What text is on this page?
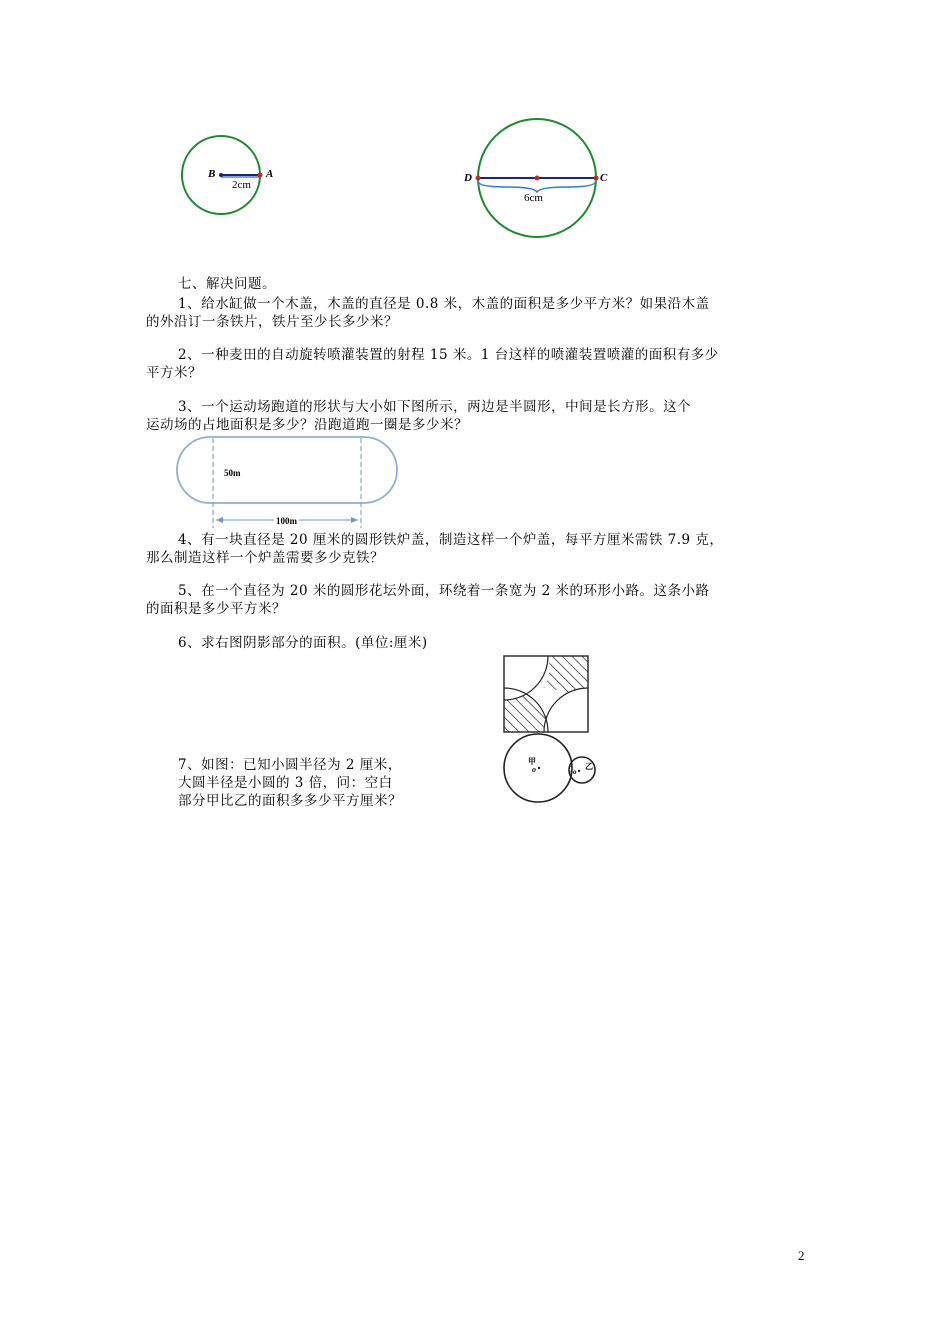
B	A
2cm
D	C
6cm
七、解决问题。
1、给水缸做一个木盖，木盖的直径是 0.8 米，木盖的面积是多少平方米？如果沿木盖
的外沿订一条铁片，铁片至少长多少米？
2、一种麦田的自动旋转喷灌装置的射程 15 米。1 台这样的喷灌装置喷灌的面积有多少
平方米？
3、一个运动场跑道的形状与大小如下图所示，两边是半圆形，中间是长方形。这个
运动场的占地面积是多少？沿跑道跑一圈是多少米？
50m
100m
4、有一块直径是 20 厘米的圆形铁炉盖，制造这样一个炉盖，每平方厘米需铁 7.9 克，
那么制造这样一个炉盖需要多少克铁？
5、在一个直径为 20 米的圆形花坛外面，环绕着一条宽为 2 米的环形小路。这条小路
的面积是多少平方米？
6、求右图阴影部分的面积。(单位:厘米)
7、如图：已知小圆半径为 2 厘米，
大圆半径是小圆的 3 倍，问：空白
部分甲比乙的面积多多少平方厘米？
甲
o	乙
o
2
